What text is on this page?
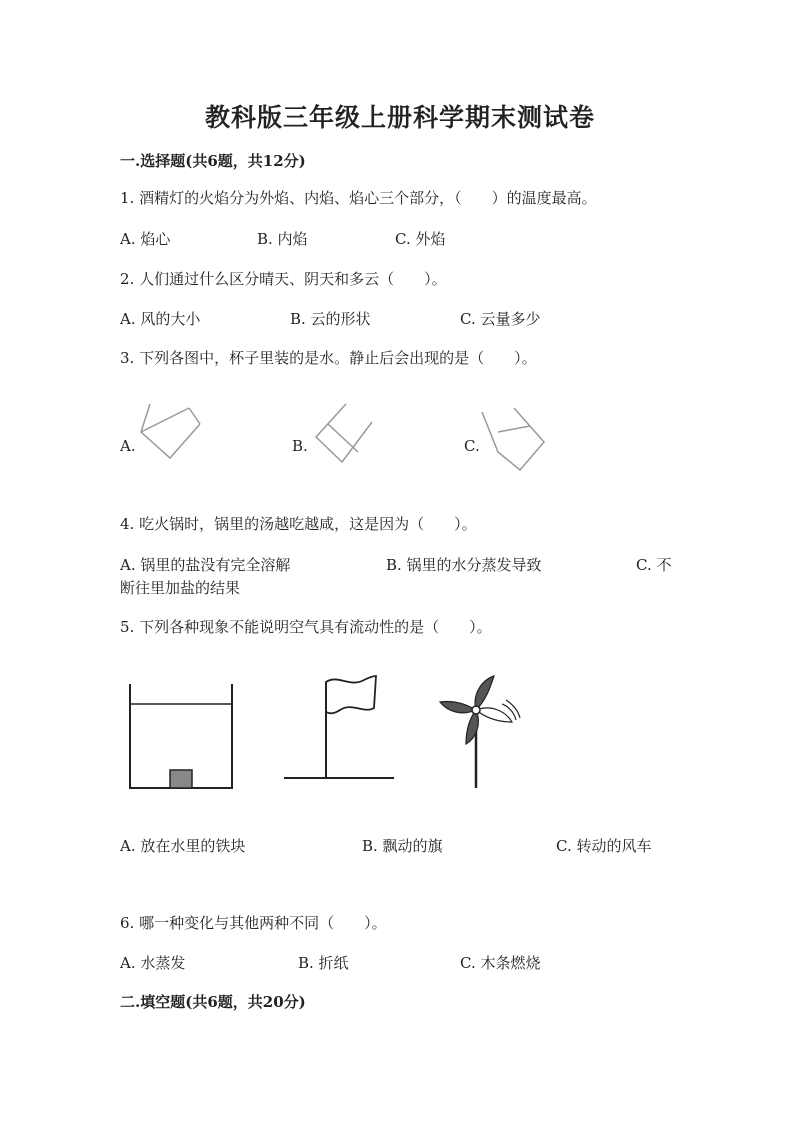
教科版三年级上册科学期末测试卷
一.选择题(共6题，共12分)
1. 酒精灯的火焰分为外焰、内焰、焰心三个部分，（　　）的温度最高。
A. 焰心	B. 内焰	C. 外焰
2. 人们通过什么区分晴天、阴天和多云（　　）。
A. 风的大小	B. 云的形状	C. 云量多少
3. 下列各图中，杯子里装的是水。静止后会出现的是（　　）。
A.	B.	C.
4. 吃火锅时，锅里的汤越吃越咸，这是因为（　　）。
A. 锅里的盐没有完全溶解	B. 锅里的水分蒸发导致	C. 不
断往里加盐的结果
5. 下列各种现象不能说明空气具有流动性的是（　　）。
A. 放在水里的铁块	B. 飘动的旗	C. 转动的风车
6. 哪一种变化与其他两种不同（　　）。
A. 水蒸发	B. 折纸	C. 木条燃烧
二.填空题(共6题，共20分)
